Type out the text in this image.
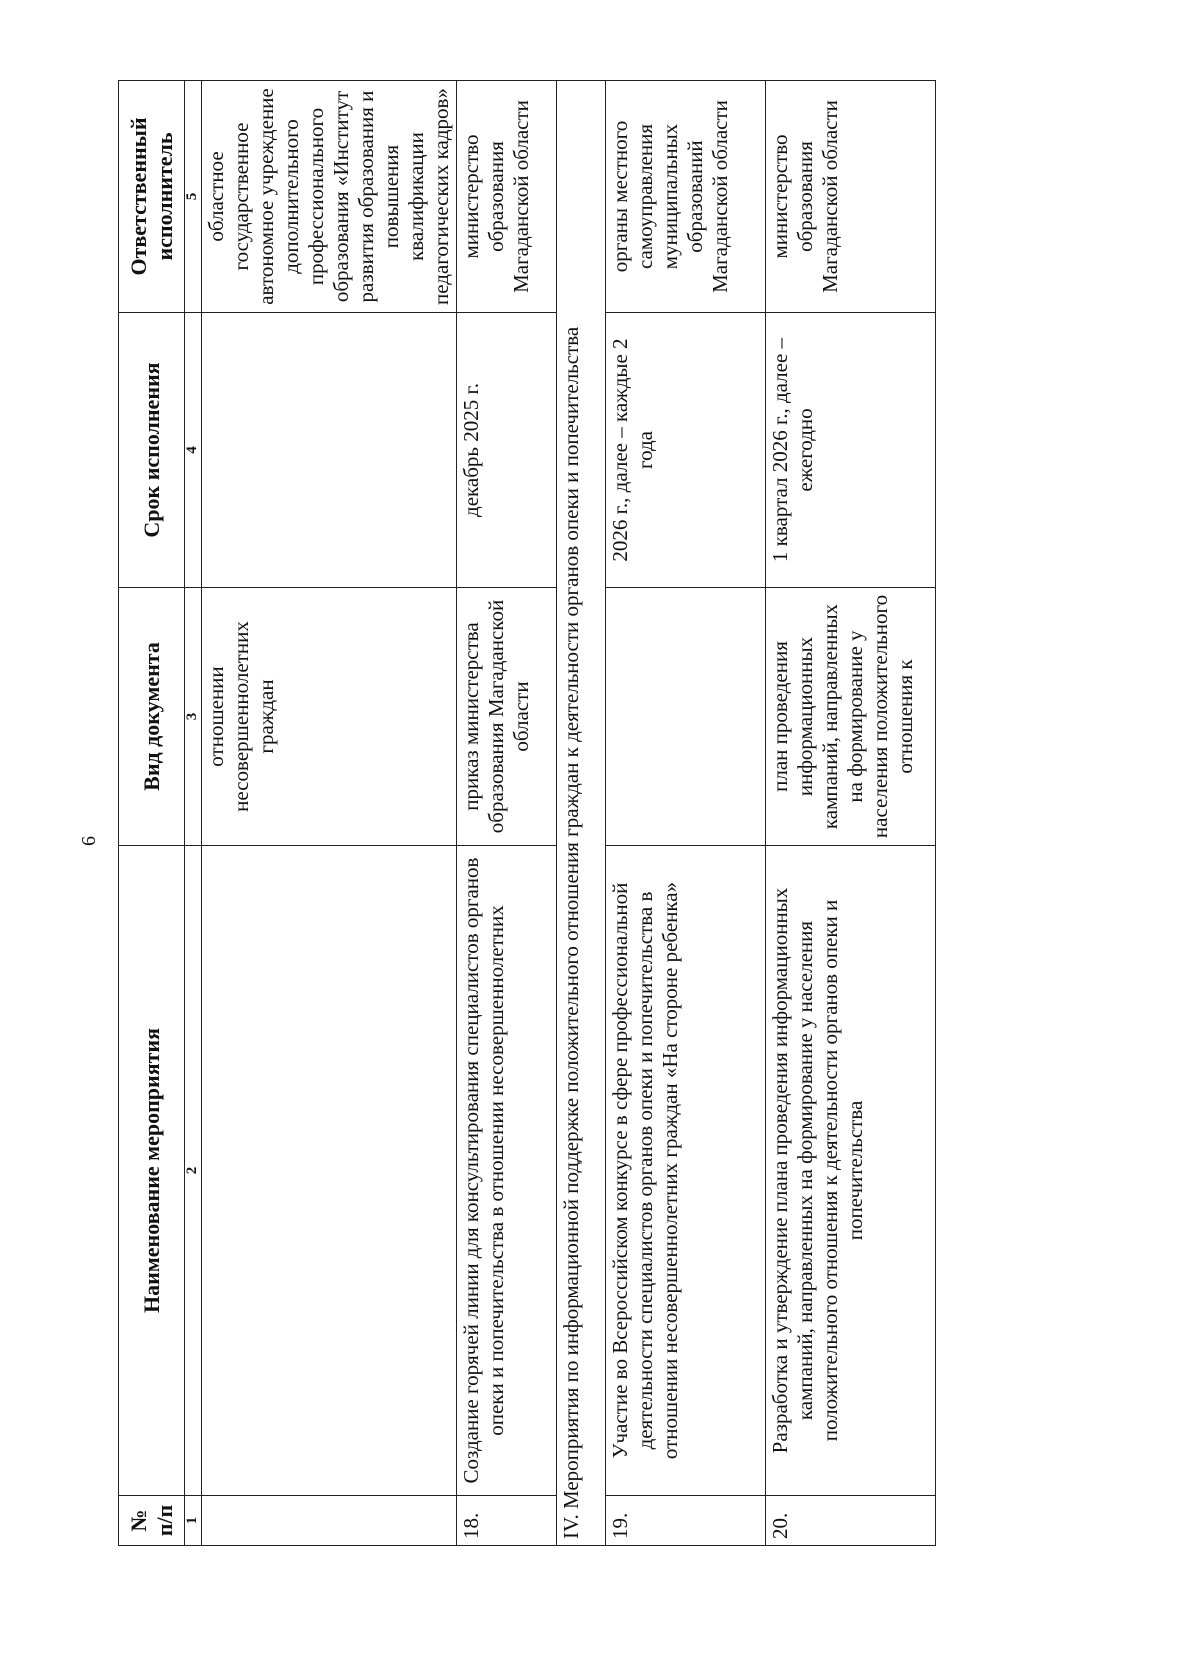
6
№ п/п	Наименование мероприятия	Вид документа	Срок исполнения	Ответственный исполнитель
1	2	3	4	5
		отношении несовершеннолетних граждан		областное государственное автономное учреждение дополнительного профессионального образования «Институт развития образования и повышения квалификации педагогических кадров»
18.	Создание горячей линии для консультирования специалистов органов опеки и попечительства в отношении несовершеннолетних	приказ министерства образования Магаданской области	декабрь 2025 г.	министерство образования Магаданской области
IV. Мероприятия по информационной поддержке положительного отношения граждан к деятельности органов опеки и попечительства				
19.	Участие во Всероссийском конкурсе в сфере профессиональной деятельности специалистов органов опеки и попечительства в отношении несовершеннолетних граждан «На стороне ребенка»		2026 г., далее – каждые 2 года	органы местного самоуправления муниципальных образований Магаданской области
20.	Разработка и утверждение плана проведения информационных кампаний, направленных на формирование у населения положительного отношения к деятельности органов опеки и попечительства	план проведения информационных кампаний, направленных на формирование у населения положительного отношения к	1 квартал 2026 г., далее – ежегодно	министерство образования Магаданской области
